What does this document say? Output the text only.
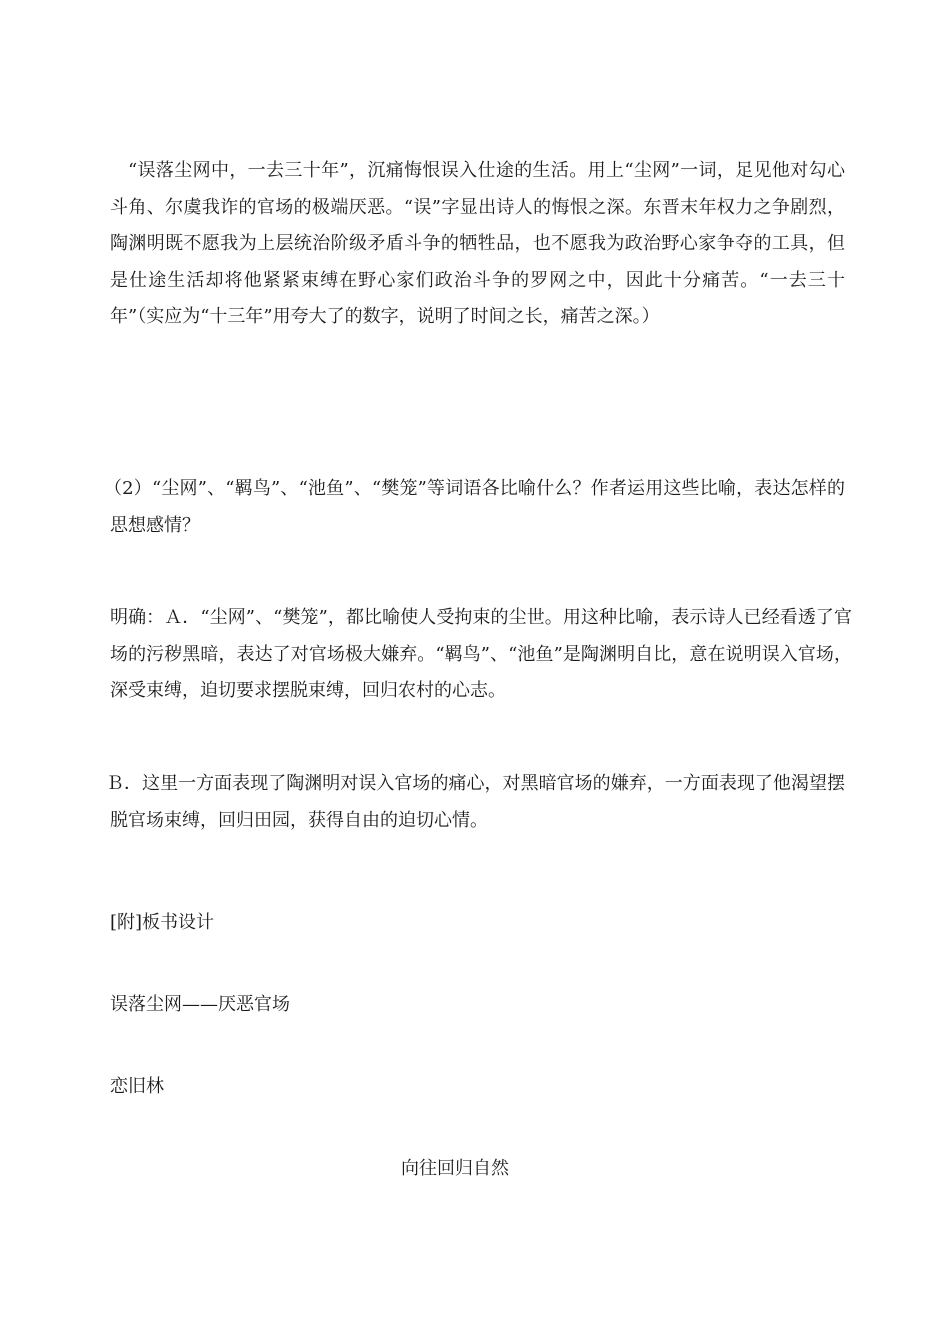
“误落尘网中，一去三十年”，沉痛悔恨误入仕途的生活。用上“尘网”一词，足见他对勾心斗角、尔虞我诈的官场的极端厌恶。“误”字显出诗人的悔恨之深。东晋末年权力之争剧烈，陶渊明既不愿我为上层统治阶级矛盾斗争的牺牲品，也不愿我为政治野心家争夺的工具，但是仕途生活却将他紧紧束缚在野心家们政治斗争的罗网之中，因此十分痛苦。“一去三十年”（实应为“十三年”用夸大了的数字，说明了时间之长，痛苦之深。）

（2）“尘网”、“羁鸟”、“池鱼”、“樊笼”等词语各比喻什么？作者运用这些比喻，表达怎样的思想感情？

明确：Ａ．“尘网”、“樊笼”，都比喻使人受拘束的尘世。用这种比喻，表示诗人已经看透了官场的污秽黑暗，表达了对官场极大嫌弃。“羁鸟”、“池鱼”是陶渊明自比，意在说明误入官场，深受束缚，迫切要求摆脱束缚，回归农村的心志。

Ｂ．这里一方面表现了陶渊明对误入官场的痛心，对黑暗官场的嫌弃，一方面表现了他渴望摆脱官场束缚，回归田园，获得自由的迫切心情。

[附]板书设计

误落尘网——厌恶官场

恋旧林

向往回归自然
